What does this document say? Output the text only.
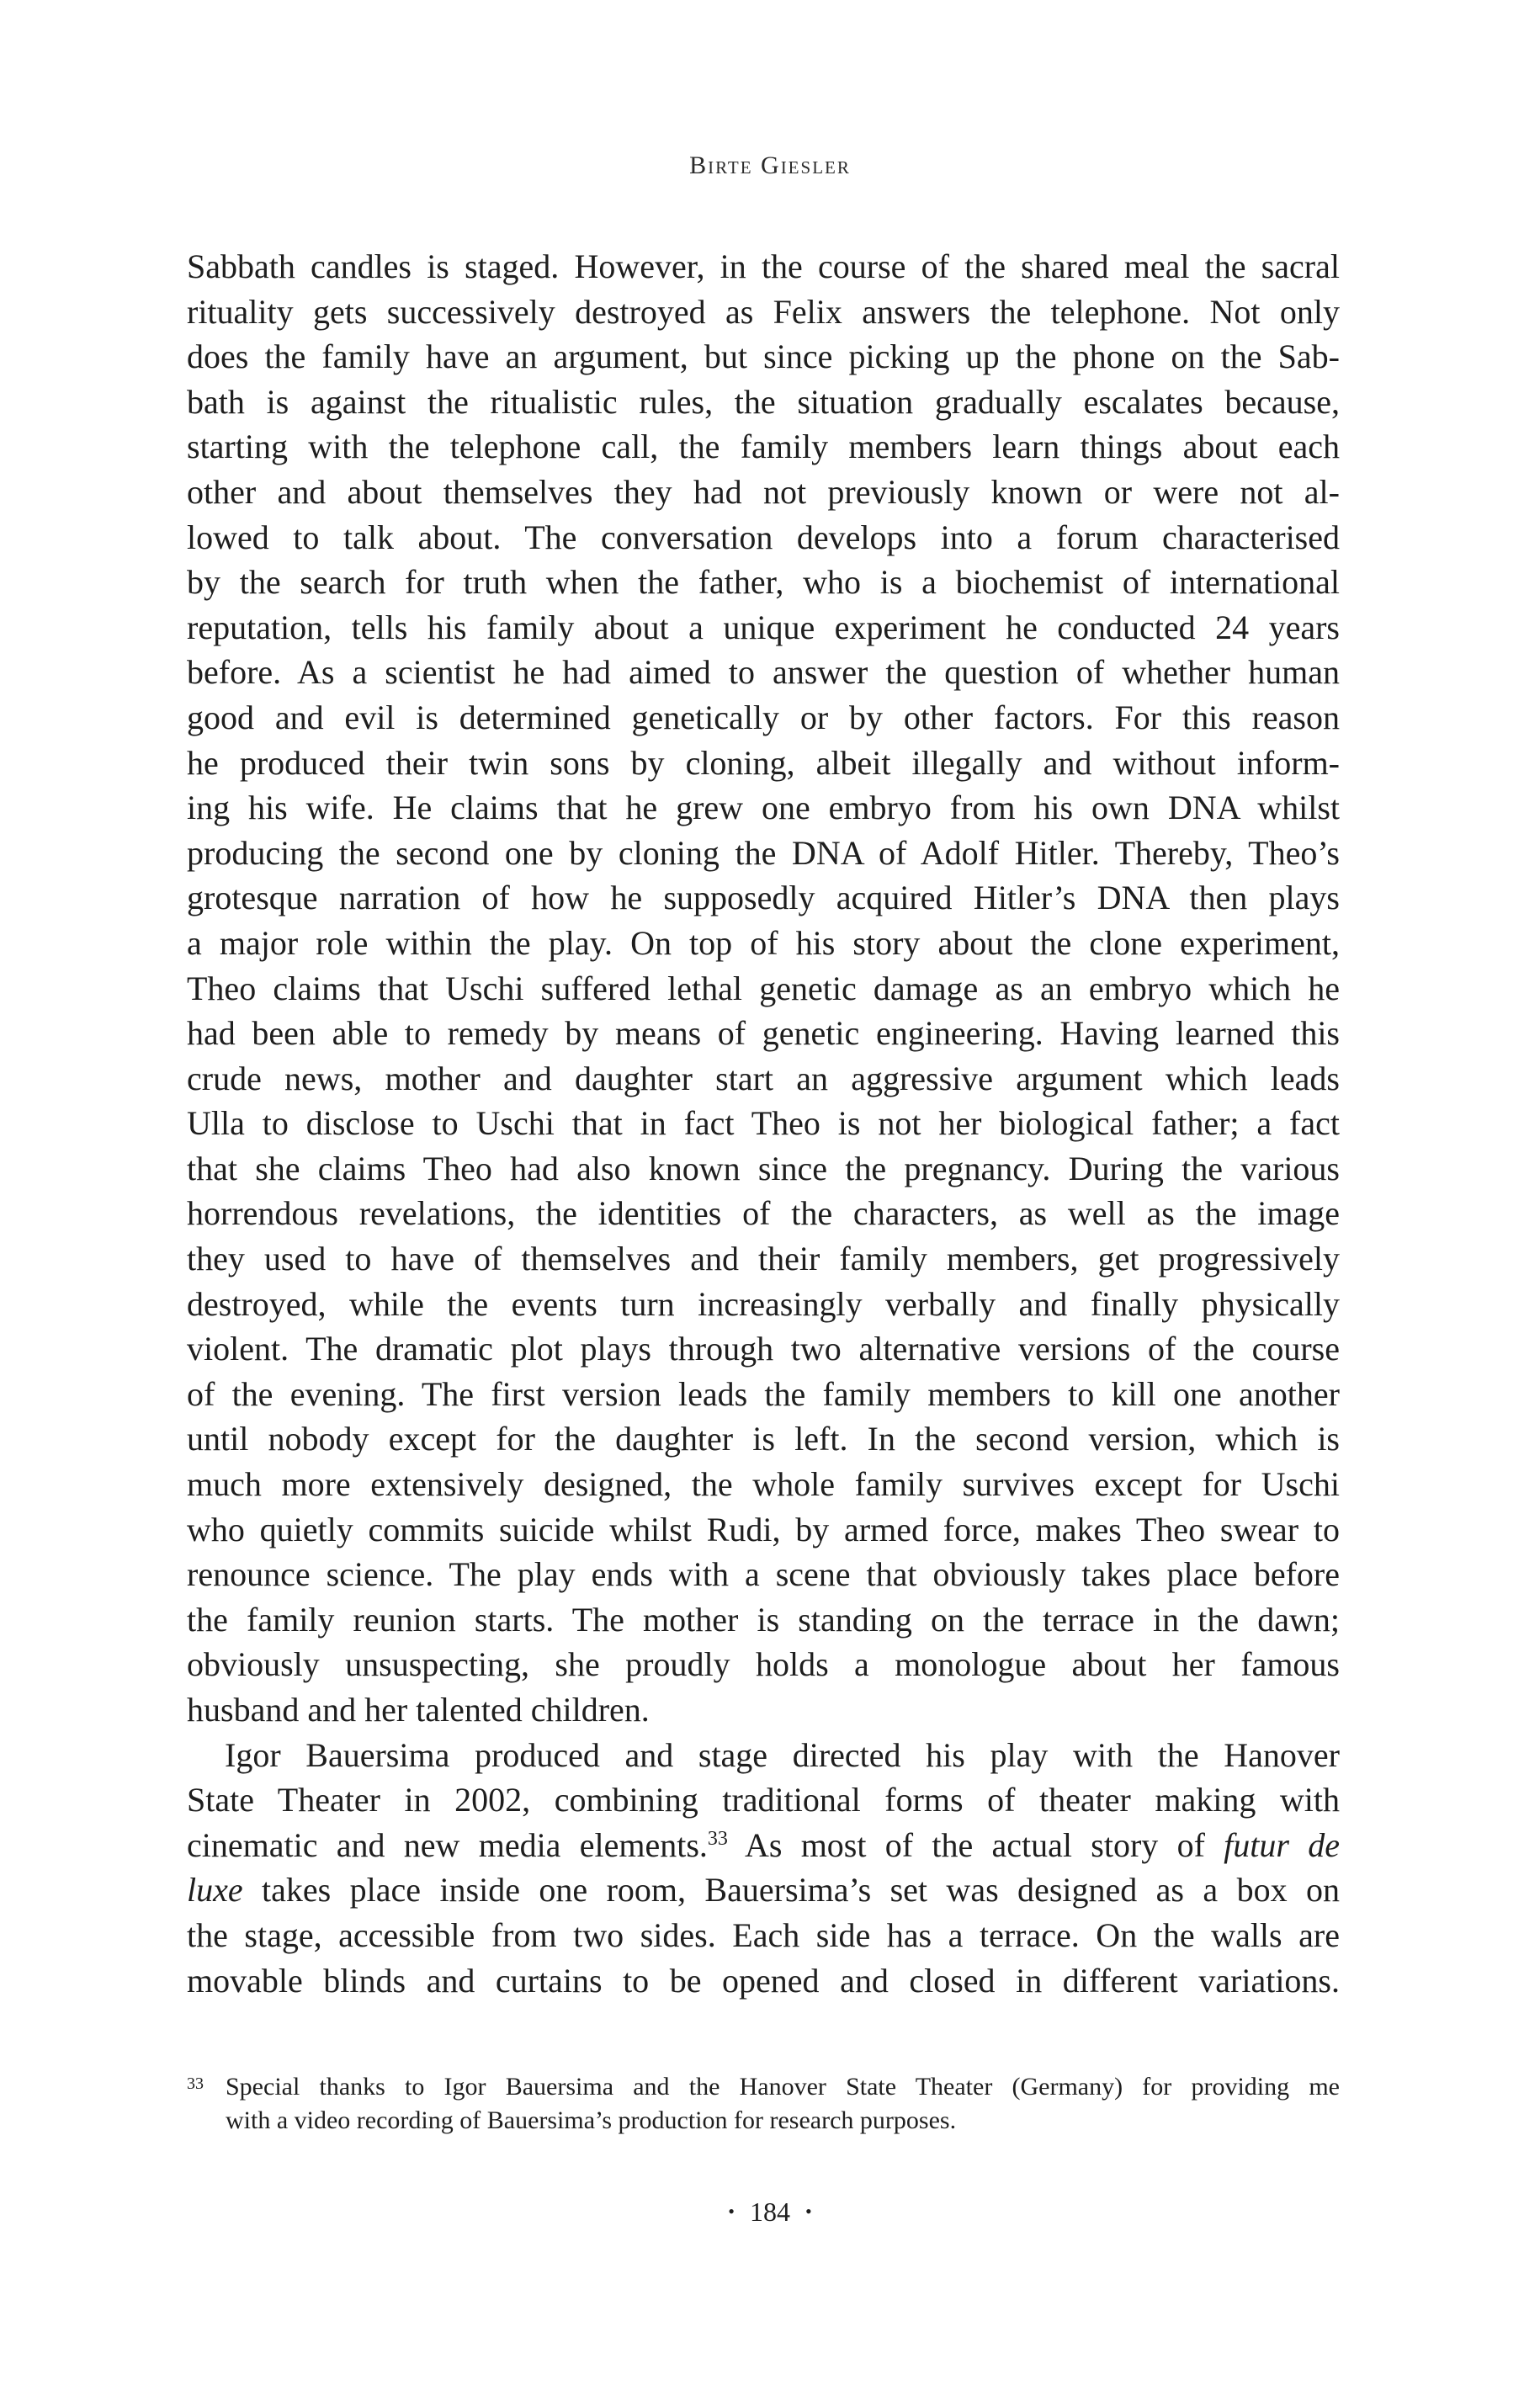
Birte Giesler
Sabbath candles is staged. However, in the course of the shared meal the sacral
rituality gets successively destroyed as Felix answers the telephone. Not only
does the family have an argument, but since picking up the phone on the Sab-
bath is against the ritualistic rules, the situation gradually escalates because,
starting with the telephone call, the family members learn things about each
other and about themselves they had not previously known or were not al-
lowed to talk about. The conversation develops into a forum characterised
by the search for truth when the father, who is a biochemist of international
reputation, tells his family about a unique experiment he conducted 24 years
before. As a scientist he had aimed to answer the question of whether human
good and evil is determined genetically or by other factors. For this reason
he produced their twin sons by cloning, albeit illegally and without inform-
ing his wife. He claims that he grew one embryo from his own DNA whilst
producing the second one by cloning the DNA of Adolf Hitler. Thereby, Theo’s
grotesque narration of how he supposedly acquired Hitler’s DNA then plays
a major role within the play. On top of his story about the clone experiment,
Theo claims that Uschi suffered lethal genetic damage as an embryo which he
had been able to remedy by means of genetic engineering. Having learned this
crude news, mother and daughter start an aggressive argument which leads
Ulla to disclose to Uschi that in fact Theo is not her biological father; a fact
that she claims Theo had also known since the pregnancy. During the various
horrendous revelations, the identities of the characters, as well as the image
they used to have of themselves and their family members, get progressively
destroyed, while the events turn increasingly verbally and finally physically
violent. The dramatic plot plays through two alternative versions of the course
of the evening. The first version leads the family members to kill one another
until nobody except for the daughter is left. In the second version, which is
much more extensively designed, the whole family survives except for Uschi
who quietly commits suicide whilst Rudi, by armed force, makes Theo swear to
renounce science. The play ends with a scene that obviously takes place before
the family reunion starts. The mother is standing on the terrace in the dawn;
obviously unsuspecting, she proudly holds a monologue about her famous
husband and her talented children.
Igor Bauersima produced and stage directed his play with the Hanover
State Theater in 2002, combining traditional forms of theater making with
cinematic and new media elements.$^{33}$ As most of the actual story of futur de
luxe takes place inside one room, Bauersima’s set was designed as a box on
the stage, accessible from two sides. Each side has a terrace. On the walls are
movable blinds and curtains to be opened and closed in different variations.
33 Special thanks to Igor Bauersima and the Hanover State Theater (Germany) for providing me
with a video recording of Bauersima’s production for research purposes.
• 184 •
